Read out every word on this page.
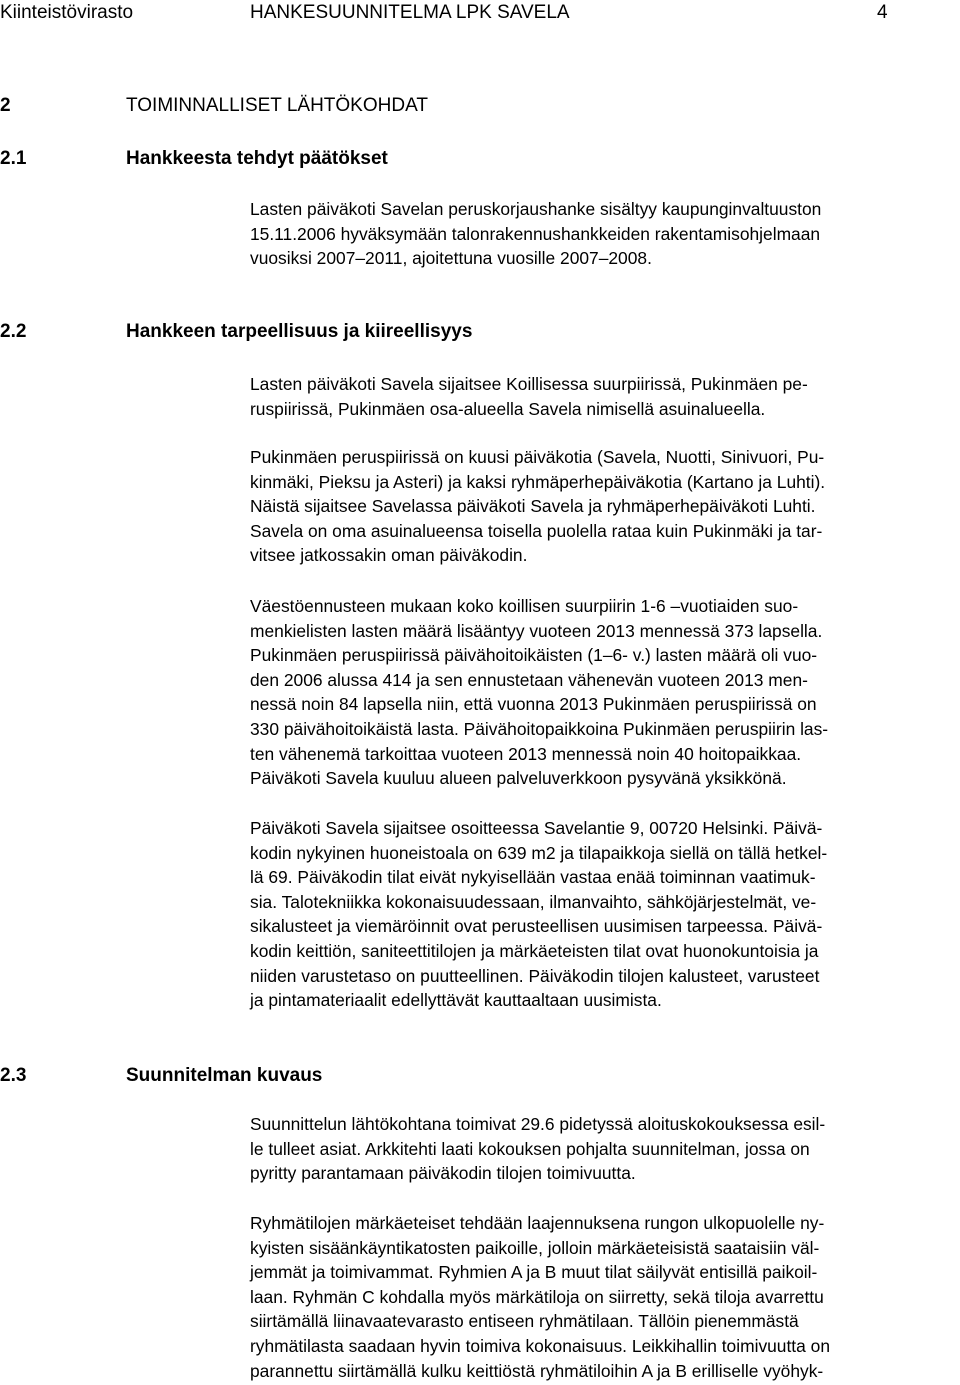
Kiinteistövirasto	HANKESUUNNITELMA LPK SAVELA	4
2	TOIMINNALLISET LÄHTÖKOHDAT
2.1	Hankkeesta tehdyt päätökset
Lasten päiväkoti Savelan peruskorjaushanke sisältyy kaupunginvaltuuston
15.11.2006 hyväksymään talonrakennushankkeiden rakentamisohjelmaan
vuosiksi 2007–2011, ajoitettuna vuosille 2007–2008.
2.2	Hankkeen tarpeellisuus ja kiireellisyys
Lasten päiväkoti Savela sijaitsee Koillisessa suurpiirissä, Pukinmäen pe-
ruspiirissä, Pukinmäen osa-alueella Savela nimisellä asuinalueella.
Pukinmäen peruspiirissä on kuusi päiväkotia (Savela, Nuotti, Sinivuori, Pu-
kinmäki, Pieksu ja Asteri) ja kaksi ryhmäperhepäiväkotia (Kartano ja Luhti).
Näistä sijaitsee Savelassa päiväkoti Savela ja ryhmäperhepäiväkoti Luhti.
Savela on oma asuinalueensa toisella puolella rataa kuin Pukinmäki ja tar-
vitsee jatkossakin oman päiväkodin.
Väestöennusteen mukaan koko koillisen suurpiirin 1-6 –vuotiaiden suo-
menkielisten lasten määrä lisääntyy vuoteen 2013 mennessä 373 lapsella.
Pukinmäen peruspiirissä päivähoitoikäisten (1–6- v.) lasten määrä oli vuo-
den 2006 alussa 414 ja sen ennustetaan vähenevän vuoteen 2013 men-
nessä noin 84 lapsella niin, että vuonna 2013 Pukinmäen peruspiirissä on
330 päivähoitoikäistä lasta. Päivähoitopaikkoina Pukinmäen peruspiirin las-
ten vähenemä tarkoittaa vuoteen 2013 mennessä noin 40 hoitopaikkaa.
Päiväkoti Savela kuuluu alueen palveluverkkoon pysyvänä yksikkönä.
Päiväkoti Savela sijaitsee osoitteessa Savelantie 9, 00720 Helsinki. Päivä-
kodin nykyinen huoneistoala on 639 m2 ja tilapaikkoja siellä on tällä hetkel-
lä 69. Päiväkodin tilat eivät nykyisellään vastaa enää toiminnan vaatimuk-
sia. Talotekniikka kokonaisuudessaan, ilmanvaihto, sähköjärjestelmät, ve-
sikalusteet ja viemäröinnit ovat perusteellisen uusimisen tarpeessa. Päivä-
kodin keittiön, saniteettitilojen ja märkäeteisten tilat ovat huonokuntoisia ja
niiden varustetaso on puutteellinen. Päiväkodin tilojen kalusteet, varusteet
ja pintamateriaalit edellyttävät kauttaaltaan uusimista.
2.3	Suunnitelman kuvaus
Suunnittelun lähtökohtana toimivat 29.6 pidetyssä aloituskokouksessa esil-
le tulleet asiat. Arkkitehti laati kokouksen pohjalta suunnitelman, jossa on
pyritty parantamaan päiväkodin tilojen toimivuutta.
Ryhmätilojen märkäeteiset tehdään laajennuksena rungon ulkopuolelle ny-
kyisten sisäänkäyntikatosten paikoille, jolloin märkäeteisistä saataisiin väl-
jemmät ja toimivammat. Ryhmien A ja B muut tilat säilyvät entisillä paikoil-
laan. Ryhmän C kohdalla myös märkätiloja on siirretty, sekä tiloja avarrettu
siirtämällä liinavaatevarasto entiseen ryhmätilaan. Tällöin pienemmästä
ryhmätilasta saadaan hyvin toimiva kokonaisuus. Leikkihallin toimivuutta on
parannettu siirtämällä kulku keittiöstä ryhmätiloihin A ja B erilliselle vyöhyk-
